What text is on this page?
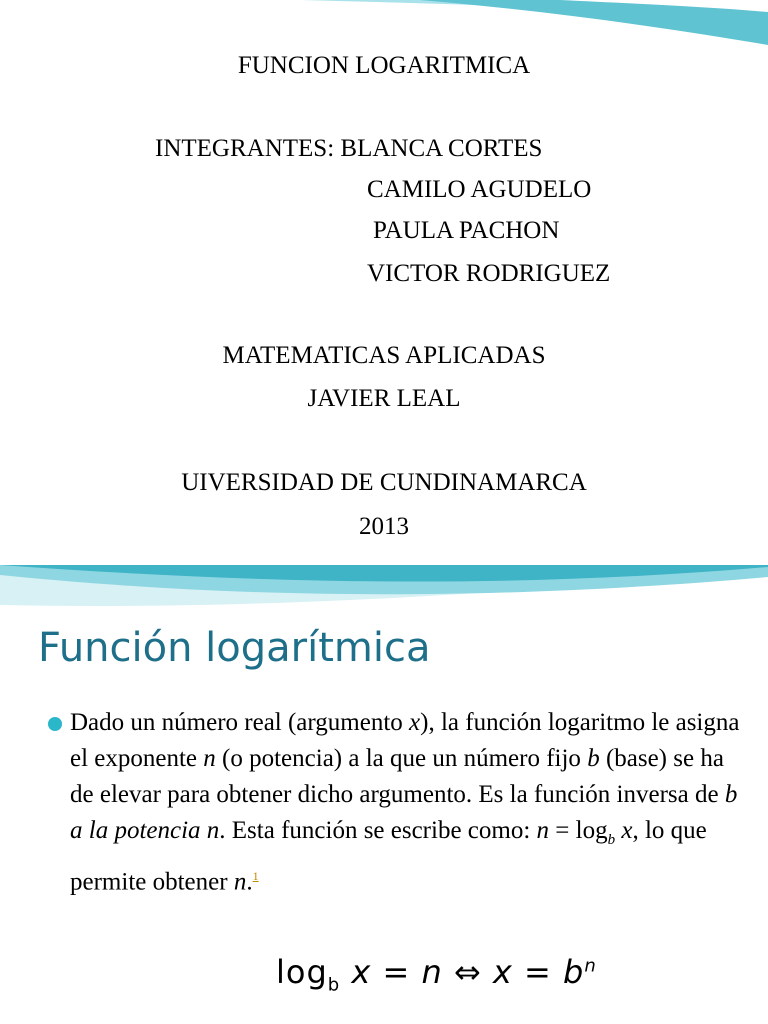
FUNCION LOGARITMICA
INTEGRANTES: BLANCA CORTES
CAMILO AGUDELO
PAULA PACHON
VICTOR RODRIGUEZ
MATEMATICAS APLICADAS
JAVIER LEAL
UIVERSIDAD DE CUNDINAMARCA
2013
Función logarítmica
Dado un número real (argumento x), la función logaritmo le asigna el exponente n (o potencia) a la que un número fijo b (base) se ha de elevar para obtener dicho argumento. Es la función inversa de b a la potencia n. Esta función se escribe como: $n = \log_b x$, lo que permite obtener n.$^1$
$\log_b x = n$ ⇔ $x = b^n$
